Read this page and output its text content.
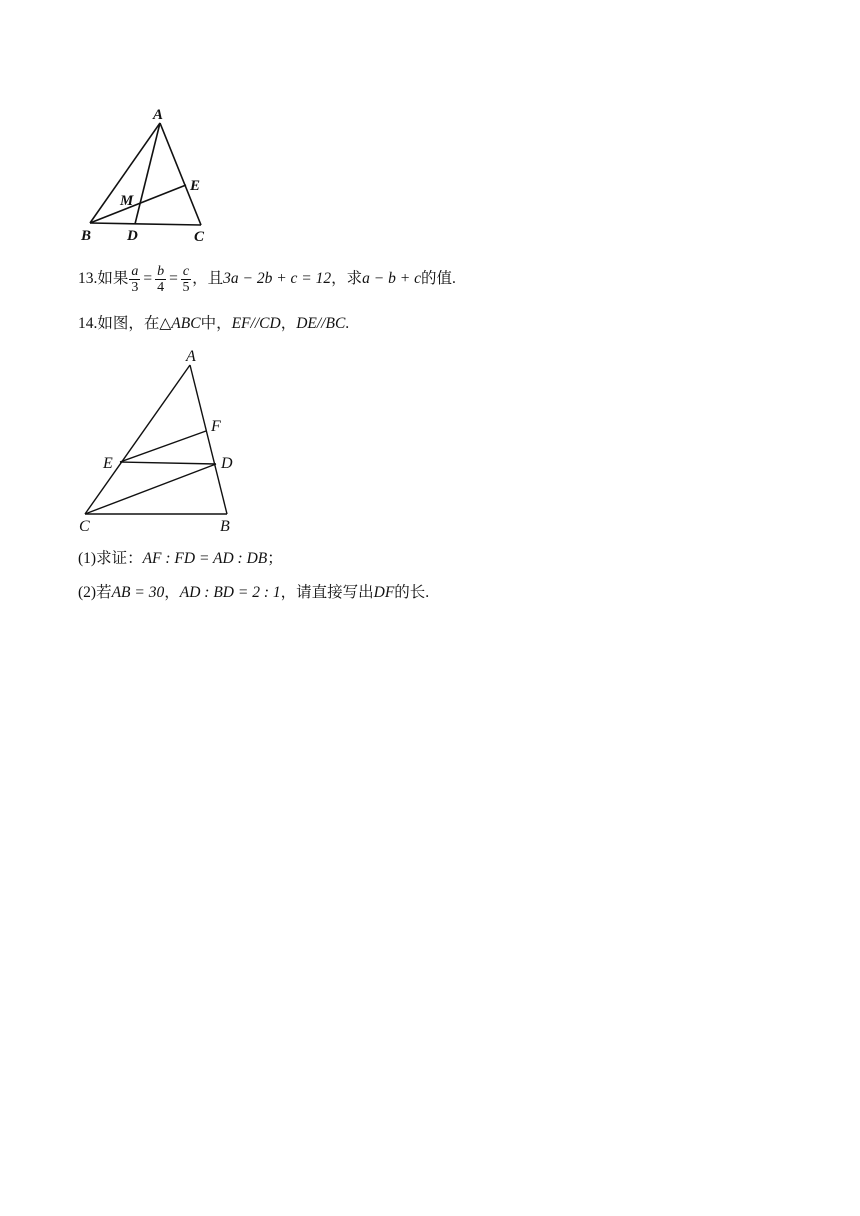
A
B D	C
E
M
13.如果 $\frac{a}{3} = \frac{b}{4} = \frac{c}{5}$ ，且3a − 2b + c = 12，求a − b + c的值.
14.如图，在△ABC中，EF//CD，DE//BC.
A
F
E	D
C	B
(1)求证：AF : FD = AD : DB；
(2)若AB = 30，AD : BD = 2 : 1，请直接写出DF的长.
